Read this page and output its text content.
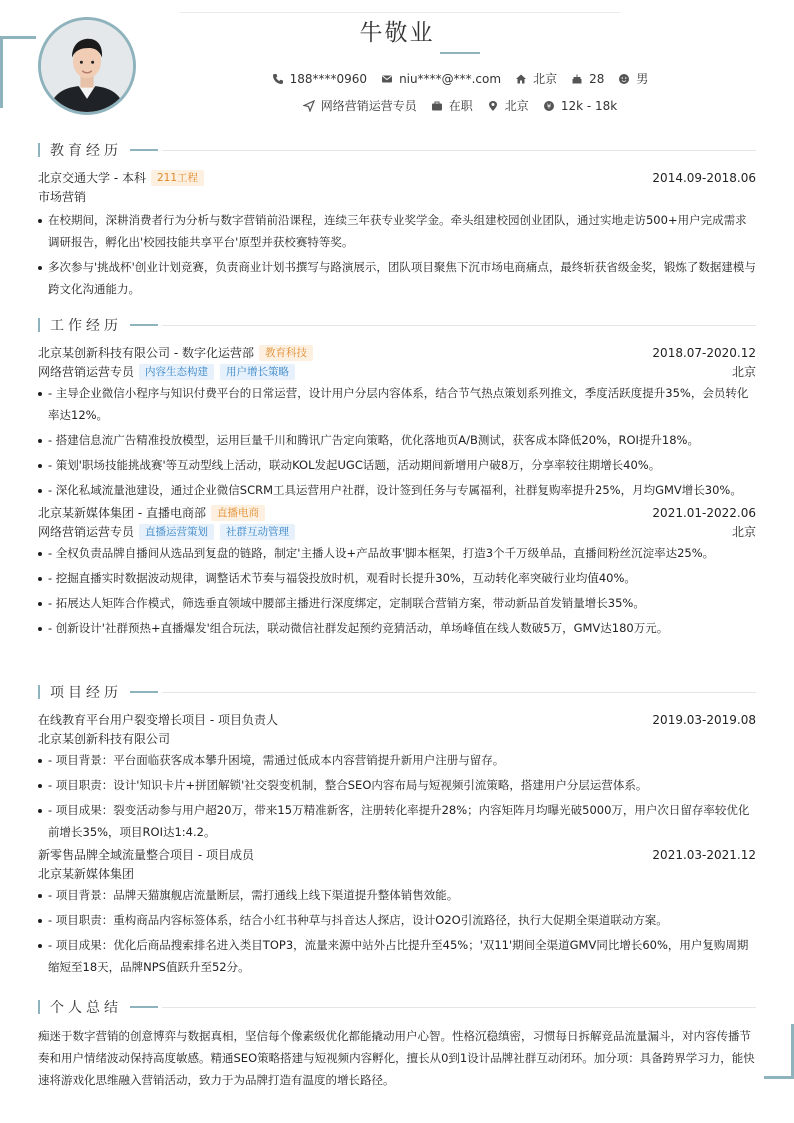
牛敬业
188****0960	niu****@***.com	北京	28	男
网络营销运营专员	在职	北京	¥ 12k - 18k
教育经历
北京交通大学 - 本科	211工程	2014.09-2018.06
市场营销
在校期间，深耕消费者行为分析与数字营销前沿课程，连续三年获专业奖学金。牵头组建校园创业团队，通过实地走访500+用户完成需求调研报告，孵化出'校园技能共享平台'原型并获校赛特等奖。
多次参与'挑战杯'创业计划竞赛，负责商业计划书撰写与路演展示，团队项目聚焦下沉市场电商痛点，最终斩获省级金奖，锻炼了数据建模与跨文化沟通能力。
工作经历
北京某创新科技有限公司 - 数字化运营部	教育科技	2018.07-2020.12
网络营销运营专员	内容生态构建	用户增长策略	北京
- 主导企业微信小程序与知识付费平台的日常运营，设计用户分层内容体系，结合节气热点策划系列推文，季度活跃度提升35%，会员转化率达12%。
- 搭建信息流广告精准投放模型，运用巨量千川和腾讯广告定向策略，优化落地页A/B测试，获客成本降低20%，ROI提升18%。
- 策划'职场技能挑战赛'等互动型线上活动，联动KOL发起UGC话题，活动期间新增用户破8万，分享率较往期增长40%。
- 深化私域流量池建设，通过企业微信SCRM工具运营用户社群，设计签到任务与专属福利，社群复购率提升25%，月均GMV增长30%。
北京某新媒体集团 - 直播电商部	直播电商	2021.01-2022.06
网络营销运营专员	直播运营策划	社群互动管理	北京
- 全权负责品牌自播间从选品到复盘的链路，制定'主播人设+产品故事'脚本框架，打造3个千万级单品，直播间粉丝沉淀率达25%。
- 挖掘直播实时数据波动规律，调整话术节奏与福袋投放时机，观看时长提升30%，互动转化率突破行业均值40%。
- 拓展达人矩阵合作模式，筛选垂直领域中腰部主播进行深度绑定，定制联合营销方案，带动新品首发销量增长35%。
- 创新设计'社群预热+直播爆发'组合玩法，联动微信社群发起预约竞猜活动，单场峰值在线人数破5万，GMV达180万元。
项目经历
在线教育平台用户裂变增长项目 - 项目负责人	2019.03-2019.08
北京某创新科技有限公司
- 项目背景：平台面临获客成本攀升困境，需通过低成本内容营销提升新用户注册与留存。
- 项目职责：设计'知识卡片+拼团解锁'社交裂变机制，整合SEO内容布局与短视频引流策略，搭建用户分层运营体系。
- 项目成果：裂变活动参与用户超20万，带来15万精准新客，注册转化率提升28%；内容矩阵月均曝光破5000万，用户次日留存率较优化前增长35%，项目ROI达1:4.2。
新零售品牌全域流量整合项目 - 项目成员	2021.03-2021.12
北京某新媒体集团
- 项目背景：品牌天猫旗舰店流量断层，需打通线上线下渠道提升整体销售效能。
- 项目职责：重构商品内容标签体系，结合小红书种草与抖音达人探店，设计O2O引流路径，执行大促期全渠道联动方案。
- 项目成果：优化后商品搜索排名进入类目TOP3，流量来源中站外占比提升至45%；'双11'期间全渠道GMV同比增长60%，用户复购周期缩短至18天，品牌NPS值跃升至52分。
个人总结

痴迷于数字营销的创意博弈与数据真相，坚信每个像素级优化都能撬动用户心智。性格沉稳缜密，习惯每日拆解竞品流量漏斗，对内容传播节奏和用户情绪波动保持高度敏感。精通SEO策略搭建与短视频内容孵化，擅长从0到1设计品牌社群互动闭环。加分项：具备跨界学习力，能快速将游戏化思维融入营销活动，致力于为品牌打造有温度的增长路径。
